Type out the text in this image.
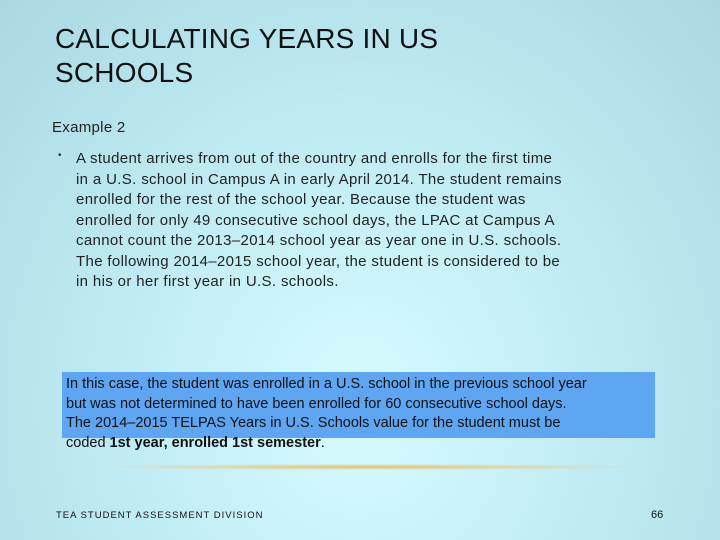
CALCULATING YEARS IN US
SCHOOLS
Example 2
• A student arrives from out of the country and enrolls for the first time
in a U.S. school in Campus A in early April 2014. The student remains
enrolled for the rest of the school year. Because the student was
enrolled for only 49 consecutive school days, the LPAC at Campus A
cannot count the 2013–2014 school year as year one in U.S. schools.
The following 2014–2015 school year, the student is considered to be
in his or her first year in U.S. schools.
In this case, the student was enrolled in a U.S. school in the previous school year
but was not determined to have been enrolled for 60 consecutive school days.
The 2014–2015 TELPAS Years in U.S. Schools value for the student must be
coded 1st year, enrolled 1st semester.
TEA STUDENT ASSESSMENT DIVISION	66
